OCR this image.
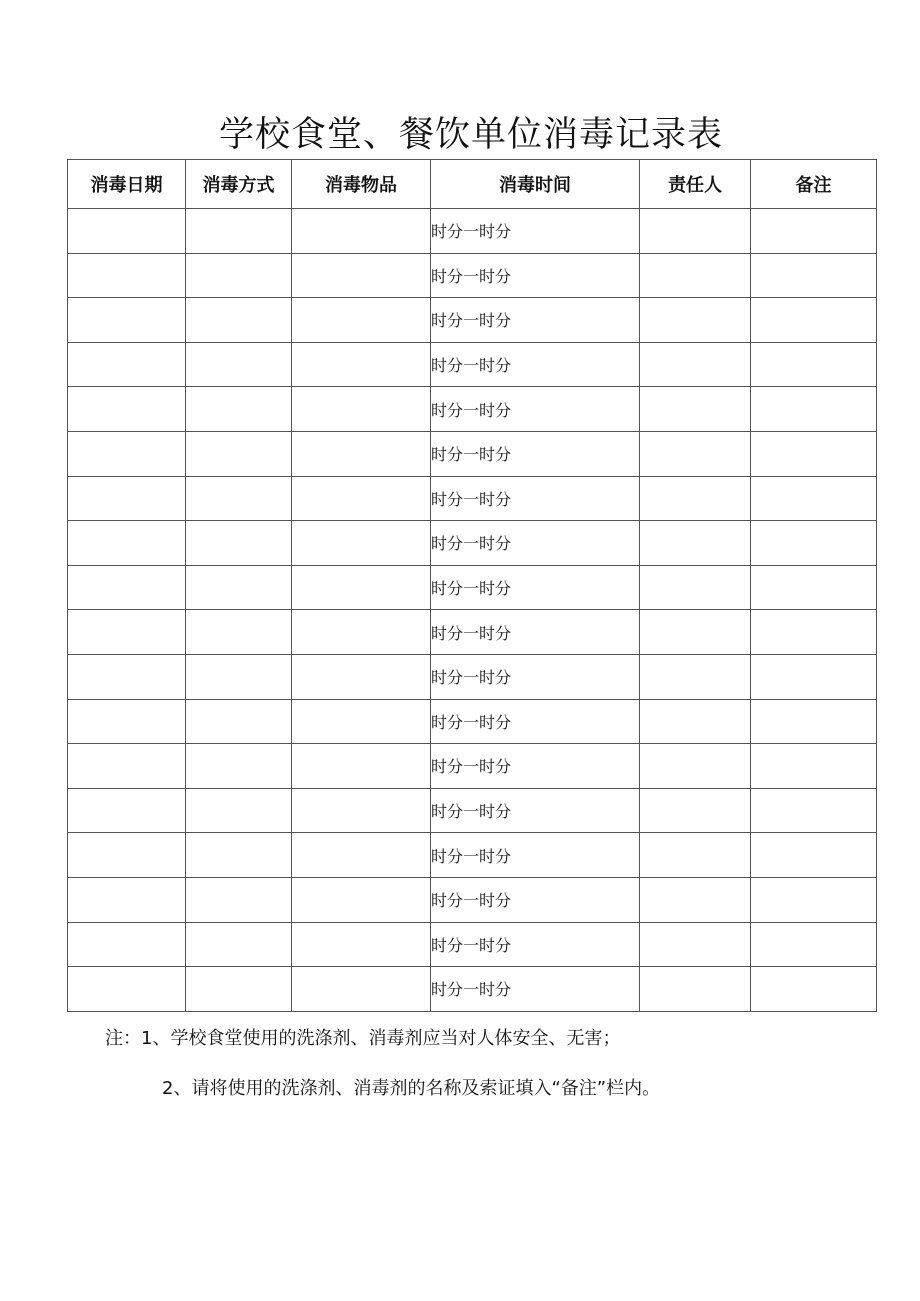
学校食堂、餐饮单位消毒记录表
消毒日期	消毒方式	消毒物品	消毒时间	责任人	备注
			时分一时分		
			时分一时分		
			时分一时分		
			时分一时分		
			时分一时分		
			时分一时分		
			时分一时分		
			时分一时分		
			时分一时分		
			时分一时分		
			时分一时分		
			时分一时分		
			时分一时分		
			时分一时分		
			时分一时分		
			时分一时分		
			时分一时分		
			时分一时分		
注：1、学校食堂使用的洗涤剂、消毒剂应当对人体安全、无害；
2、请将使用的洗涤剂、消毒剂的名称及索证填入“备注”栏内。
